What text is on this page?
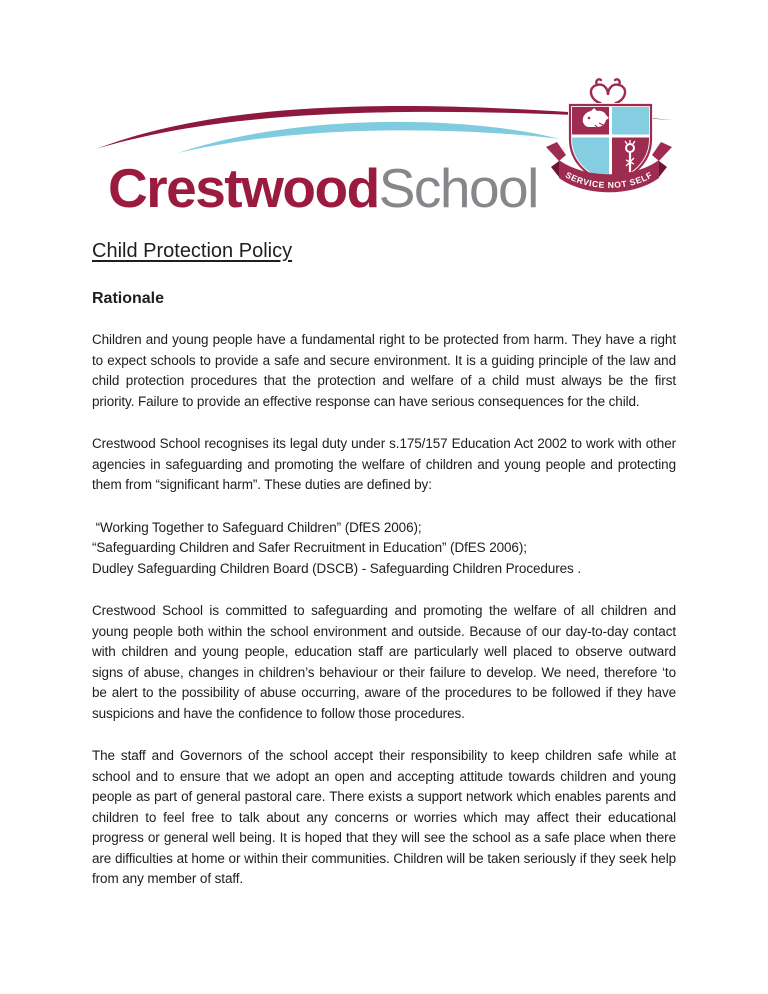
SERVICE NOT SELF
CrestwoodSchool
Child Protection Policy
Rationale

Children and young people have a fundamental right to be protected from harm. They have a right to expect schools to provide a safe and secure environment. It is a guiding principle of the law and child protection procedures that the protection and welfare of a child must always be the first priority. Failure to provide an effective response can have serious consequences for the child.

Crestwood School recognises its legal duty under s.175/157 Education Act 2002 to work with other agencies in safeguarding and promoting the welfare of children and young people and protecting them from “significant harm”. These duties are defined by:

“Working Together to Safeguard Children” (DfES 2006);

“Safeguarding Children and Safer Recruitment in Education” (DfES 2006);

Dudley Safeguarding Children Board (DSCB) - Safeguarding Children Procedures .

Crestwood School is committed to safeguarding and promoting the welfare of all children and young people both within the school environment and outside. Because of our day-to-day contact with children and young people, education staff are particularly well placed to observe outward signs of abuse, changes in children’s behaviour or their failure to develop. We need, therefore ‘to be alert to the possibility of abuse occurring, aware of the procedures to be followed if they have suspicions and have the confidence to follow those procedures.

The staff and Governors of the school accept their responsibility to keep children safe while at school and to ensure that we adopt an open and accepting attitude towards children and young people as part of general pastoral care. There exists a support network which enables parents and children to feel free to talk about any concerns or worries which may affect their educational progress or general well being. It is hoped that they will see the school as a safe place when there are difficulties at home or within their communities. Children will be taken seriously if they seek help from any member of staff.
